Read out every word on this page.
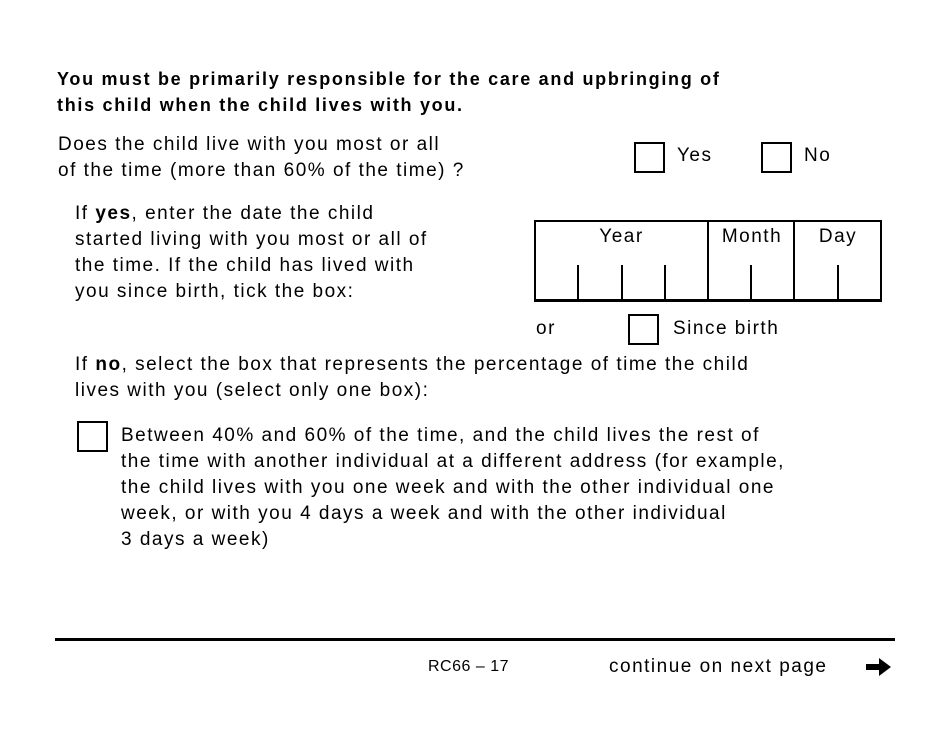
You must be primarily responsible for the care and upbringing of
this child when the child lives with you.
Does the child live with you most or all
of the time (more than 60% of the time) ?
Yes	No
If yes, enter the date the child
started living with you most or all of
the time. If the child has lived with
you since birth, tick the box:
Year	Month	Day
or	Since birth
If no, select the box that represents the percentage of time the child
lives with you (select only one box):
Between 40% and 60% of the time, and the child lives the rest of
the time with another individual at a different address (for example,
the child lives with you one week and with the other individual one
week, or with you 4 days a week and with the other individual
3 days a week)
RC66 – 17	continue on next page
